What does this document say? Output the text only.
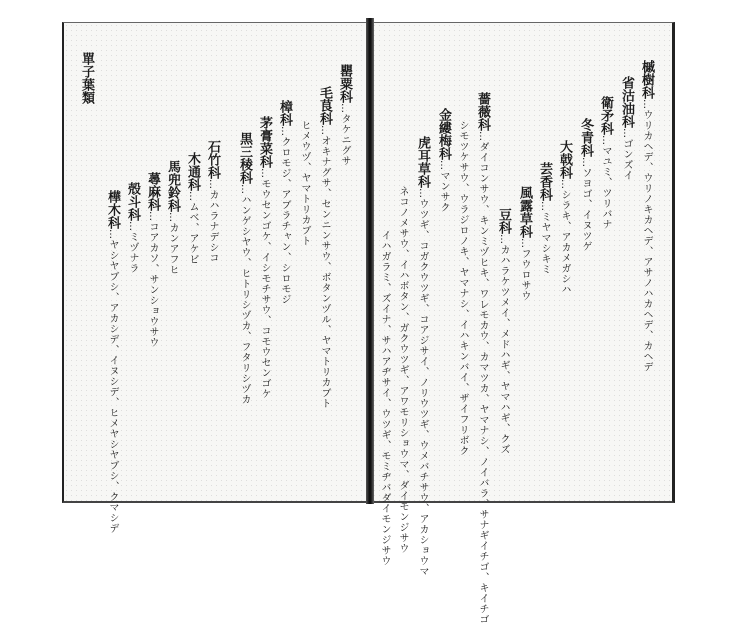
槭樹科…ウリカヘデ、ウリノキカヘデ、アサノハカヘデ、カヘデ
省沽油科…ゴンズイ
衛矛科…マユミ、ツリバナ
冬青科…ソヨゴ、イヌツゲ
大戟科…シラキ、アカメガシハ
芸香科…ミヤマシキミ
風露草科…フウロサウ
豆科…カハラケツメイ、メドハギ、ヤマハギ、クズ
薔薇科…ダイコンサウ、キンミヅヒキ、ワレモカウ、カマツカ、ヤマナシ、ノイバラ、サナギイチゴ、キイチゴ
シモツケサウ、ウラジロノキ、ヤマナシ、イハキンバイ、ザイフリボク
金縷梅科…マンサク
虎耳草科…ウツギ、コガクウツギ、コアジサイ、ノリウツギ、ウメバチサウ、アカショウマ
ネコノメサウ、イハボタン、ガクウツギ、アワモリショウマ、ダイモンジサウ
イハガラミ、ズイナ、サハアヂサイ、ウツギ、モミヂバダイモンジサウ
罌粟科…タケニグサ
毛茛科…オキナグサ、センニンサウ、ボタンヅル、ヤマトリカブト
ヒメウヅ、ヤマトリカブト
樟科…クロモジ、アブラチャン、シロモジ
茅膏菜科…モウセンゴケ、イシモチサウ、コモウセンゴケ
黒三稜科…ハンゲシヤウ、ヒトリシヅカ、フタリシヅカ
石竹科…カハラナデシコ
木通科…ムベ、アケビ
馬兜鈴科…カンアフヒ
蕁麻科…コアカソ、サンショウサウ
殻斗科…ミヅナラ
樺木科…ヤシヤブシ、アカシデ、イヌシデ、ヒメヤシヤブシ、クマシデ
單子葉類
